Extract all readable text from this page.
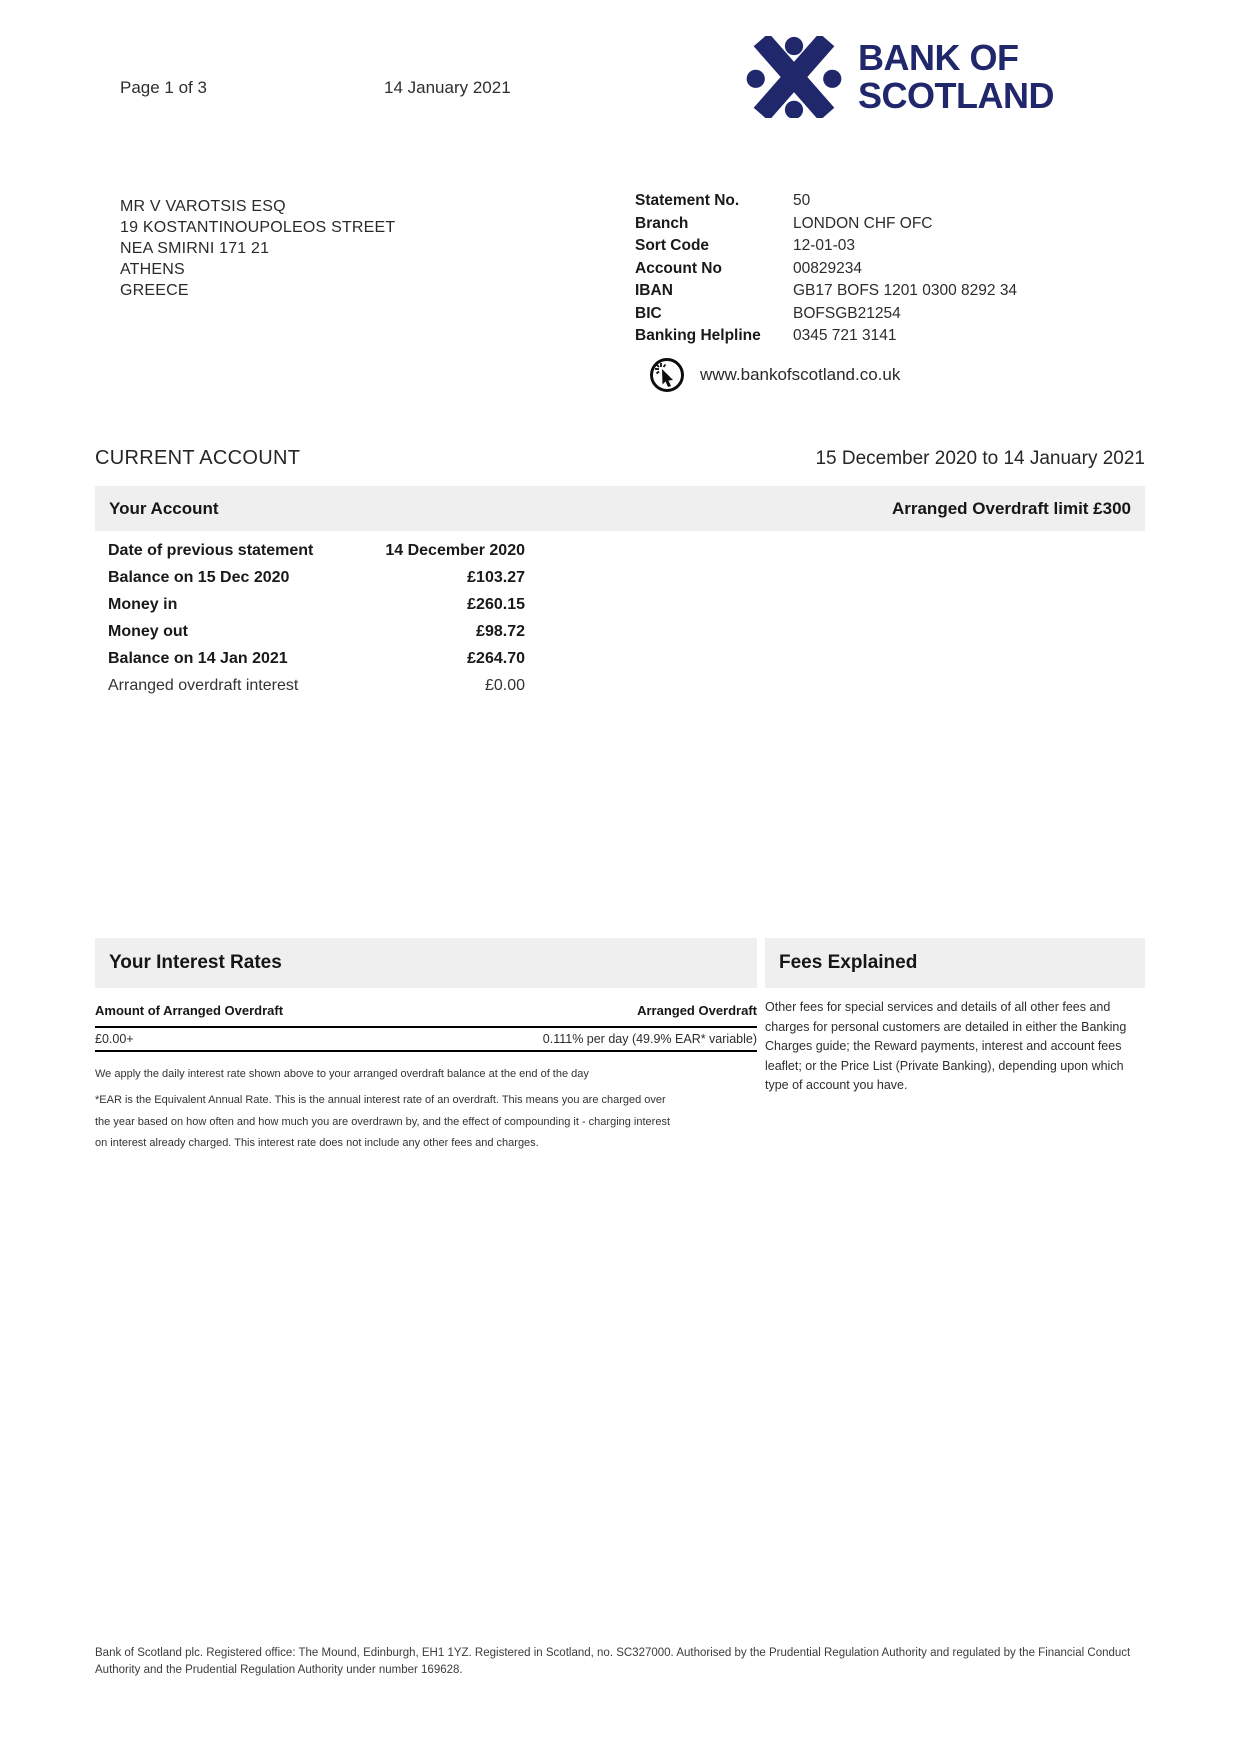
Page 1 of 3	14 January 2021
BANK OF
SCOTLAND
MR V VAROTSIS ESQ
19 KOSTANTINOUPOLEOS STREET
NEA SMIRNI 171 21
ATHENS
GREECE
Statement No.	50
Branch	LONDON CHF OFC
Sort Code	12-01-03
Account No	00829234
IBAN	GB17 BOFS 1201 0300 8292 34
BIC	BOFSGB21254
Banking Helpline	0345 721 3141
www.bankofscotland.co.uk
CURRENT ACCOUNT	15 December 2020 to 14 January 2021
Your Account	Arranged Overdraft limit £300
Date of previous statement	14 December 2020
Balance on 15 Dec 2020	£103.27
Money in	£260.15
Money out	£98.72
Balance on 14 Jan 2021	£264.70
Arranged overdraft interest	£0.00
Your Interest Rates
Amount of Arranged Overdraft	Arranged Overdraft
£0.00+	0.111% per day (49.9% EAR* variable)
We apply the daily interest rate shown above to your arranged overdraft balance at the end of the day
*EAR is the Equivalent Annual Rate. This is the annual interest rate of an overdraft. This means you are charged over the year based on how often and how much you are overdrawn by, and the effect of compounding it - charging interest on interest already charged. This interest rate does not include any other fees and charges.
Fees Explained
Other fees for special services and details of all other fees and charges for personal customers are detailed in either the Banking Charges guide; the Reward payments, interest and account fees leaflet; or the Price List (Private Banking), depending upon which type of account you have.
Bank of Scotland plc. Registered office: The Mound, Edinburgh, EH1 1YZ. Registered in Scotland, no. SC327000. Authorised by the Prudential Regulation Authority and regulated by the Financial Conduct Authority and the Prudential Regulation Authority under number 169628.
